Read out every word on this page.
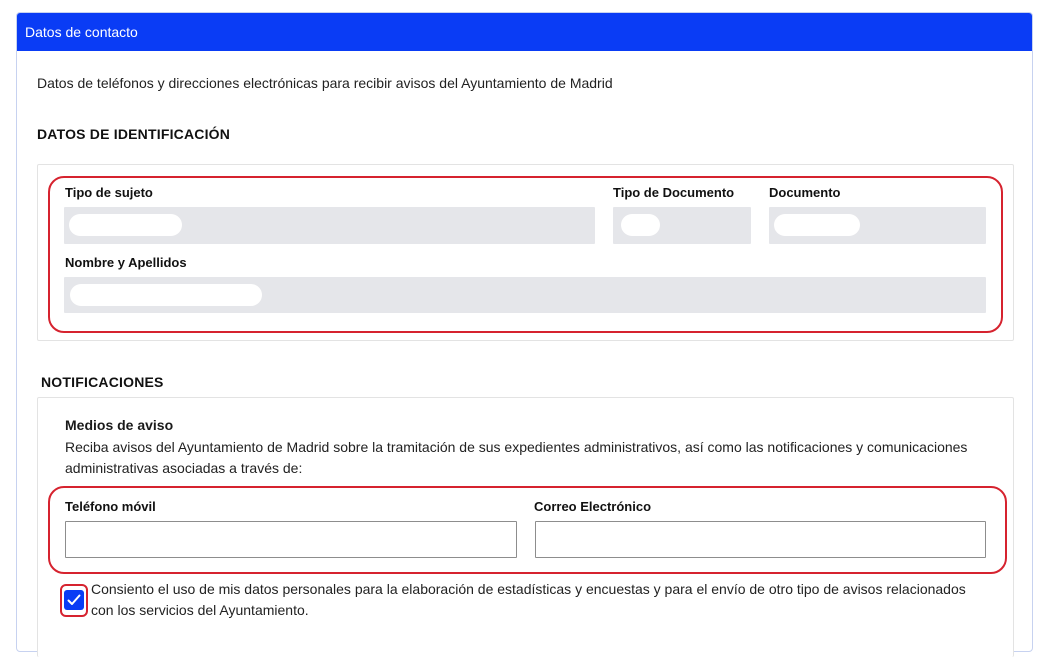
Datos de contacto
Datos de teléfonos y direcciones electrónicas para recibir avisos del Ayuntamiento de Madrid
DATOS DE IDENTIFICACIÓN
Tipo de sujeto	Tipo de Documento	Documento
Nombre y Apellidos
NOTIFICACIONES
Medios de aviso
Reciba avisos del Ayuntamiento de Madrid sobre la tramitación de sus expedientes administrativos, así como las notificaciones y comunicaciones administrativas asociadas a través de:
Teléfono móvil	Correo Electrónico
Consiento el uso de mis datos personales para la elaboración de estadísticas y encuestas y para el envío de otro tipo de avisos relacionados con los servicios del Ayuntamiento.
